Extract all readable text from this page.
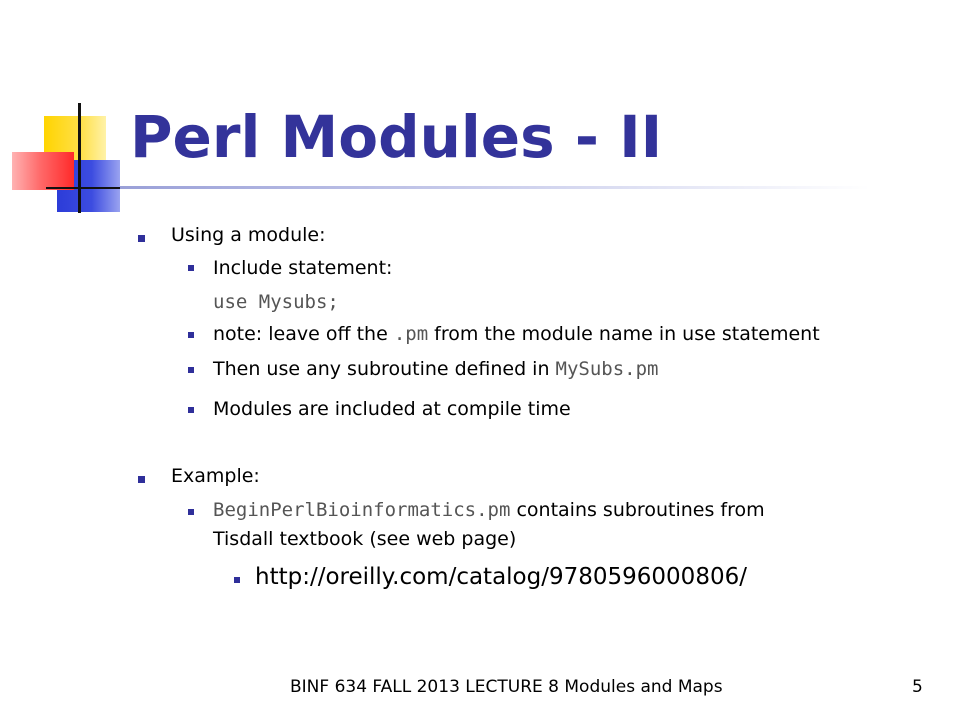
Perl Modules - II
Using a module:
Include statement:
use Mysubs;
note: leave off the .pm from the module name in use statement
Then use any subroutine defined in MySubs.pm
Modules are included at compile time
Example:
BeginPerlBioinformatics.pm contains subroutines from
Tisdall textbook (see web page)
http://oreilly.com/catalog/9780596000806/
BINF 634 FALL 2013 LECTURE 8 Modules and Maps	5
